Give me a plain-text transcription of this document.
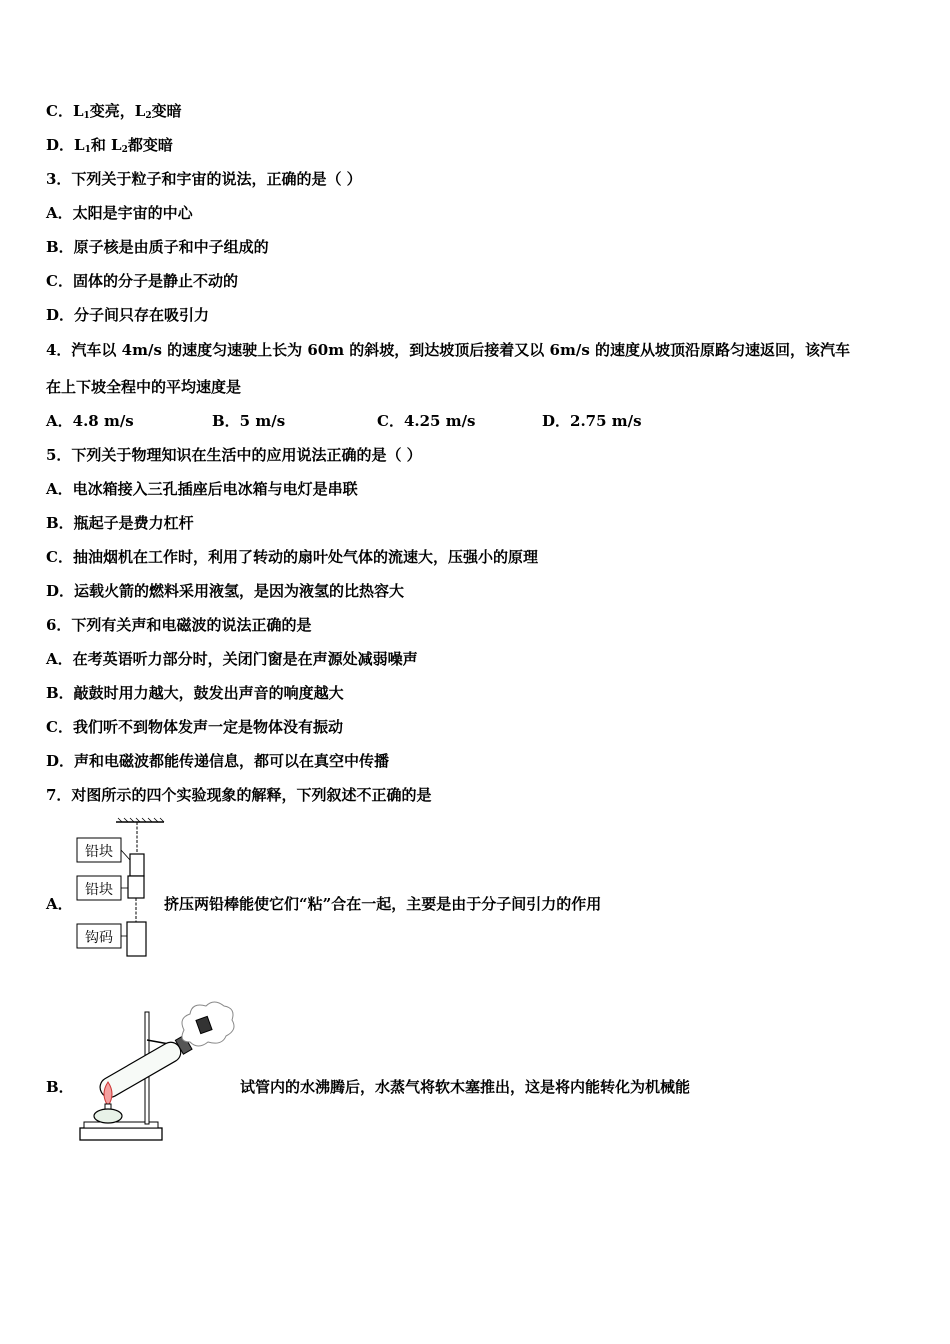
C．$L_1$变亮，$L_2$变暗
D．$L_1$和 $L_2$都变暗
3．下列关于粒子和宇宙的说法，正确的是（ ）
A．太阳是宇宙的中心
B．原子核是由质子和中子组成的
C．固体的分子是静止不动的
D．分子间只存在吸引力
4．汽车以 4m/s 的速度匀速驶上长为 60m 的斜坡，到达坡顶后接着又以 6m/s 的速度从坡顶沿原路匀速返回，该汽车
在上下坡全程中的平均速度是
A．4.8 m/s	B．5 m/s	C．4.25 m/s	D．2.75 m/s
5．下列关于物理知识在生活中的应用说法正确的是（ ）
A．电冰箱接入三孔插座后电冰箱与电灯是串联
B．瓶起子是费力杠杆
C．抽油烟机在工作时，利用了转动的扇叶处气体的流速大，压强小的原理
D．运载火箭的燃料采用液氢，是因为液氢的比热容大
6．下列有关声和电磁波的说法正确的是
A．在考英语听力部分时，关闭门窗是在声源处减弱噪声
B．敲鼓时用力越大，鼓发出声音的响度越大
C．我们听不到物体发声一定是物体没有振动
D．声和电磁波都能传递信息，都可以在真空中传播
7．对图所示的四个实验现象的解释，下列叙述不正确的是
A．
铅块
铅块
钩码
挤压两铅棒能使它们“粘”合在一起，主要是由于分子间引力的作用
B．	试管内的水沸腾后，水蒸气将软木塞推出，这是将内能转化为机械能
